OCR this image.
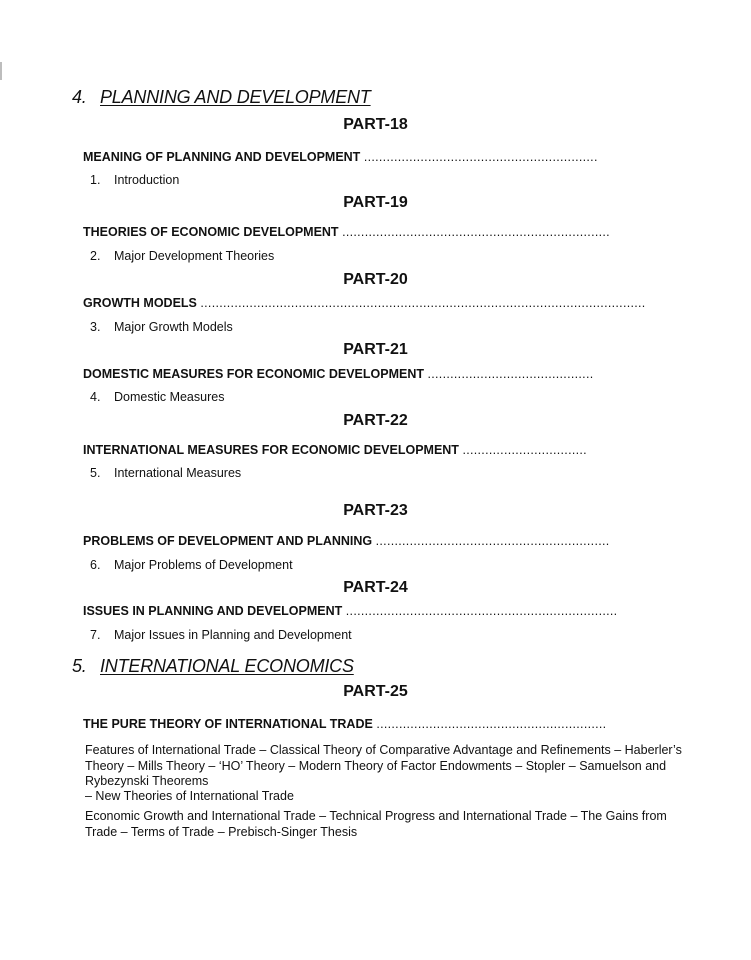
4. PLANNING AND DEVELOPMENT
PART-18
MEANING OF PLANNING AND DEVELOPMENT ..............................................................
1. Introduction
PART-19
THEORIES OF ECONOMIC DEVELOPMENT .......................................................................
2. Major Development Theories
PART-20
GROWTH MODELS ......................................................................................................................
3. Major Growth Models
PART-21
DOMESTIC MEASURES FOR ECONOMIC DEVELOPMENT ............................................
4. Domestic Measures
PART-22
INTERNATIONAL MEASURES FOR ECONOMIC DEVELOPMENT .................................
5. International Measures
PART-23
PROBLEMS OF DEVELOPMENT AND PLANNING ..............................................................
6. Major Problems of Development
PART-24
ISSUES IN PLANNING AND DEVELOPMENT ........................................................................
7. Major Issues in Planning and Development
5. INTERNATIONAL ECONOMICS
PART-25
THE PURE THEORY OF INTERNATIONAL TRADE .............................................................
Features of International Trade – Classical Theory of Comparative Advantage and Refinements – Haberler’s Theory – Mills Theory – ‘HO’ Theory – Modern Theory of Factor Endowments – Stopler – Samuelson and Rybezynski Theorems
– New Theories of International Trade
Economic Growth and International Trade – Technical Progress and International Trade – The Gains from Trade – Terms of Trade – Prebisch-Singer Thesis
